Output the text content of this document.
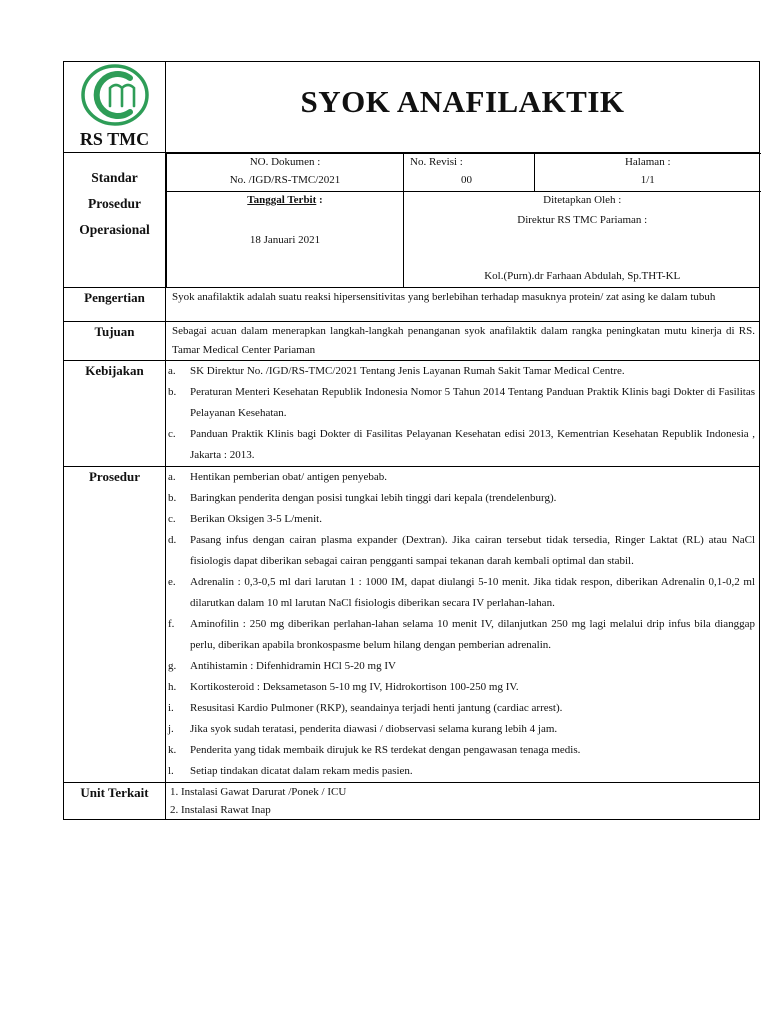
RS TMC

SYOK ANAFILAKTIK

Standar
Prosedur
Operasional

NO. Dokumen :
No. /IGD/RS-TMC/2021

No. Revisi :
00

Halaman :
1/1

Tanggal Terbit :
18 Januari 2021

Ditetapkan Oleh :
Direktur RS TMC Pariaman :
Kol.(Purn).dr Farhaan Abdulah, Sp.THT-KL

Pengertian	Syok anafilaktik adalah suatu reaksi hipersensitivitas yang berlebihan terhadap masuknya protein/ zat asing ke dalam tubuh
Tujuan	Sebagai acuan dalam menerapkan langkah-langkah penanganan syok anafilaktik dalam rangka peningkatan mutu kinerja di RS. Tamar Medical Center Pariaman
Kebijakan	a. SK Direktur No. /IGD/RS-TMC/2021 Tentang Jenis Layanan Rumah Sakit Tamar Medical Centre.
b. Peraturan Menteri Kesehatan Republik Indonesia Nomor 5 Tahun 2014 Tentang Panduan Praktik Klinis bagi Dokter di Fasilitas Pelayanan Kesehatan.
c. Panduan Praktik Klinis bagi Dokter di Fasilitas Pelayanan Kesehatan edisi 2013, Kementrian Kesehatan Republik Indonesia , Jakarta : 2013.

Prosedur	a. Hentikan pemberian obat/ antigen penyebab.
b. Baringkan penderita dengan posisi tungkai lebih tinggi dari kepala (trendelenburg).
c. Berikan Oksigen 3-5 L/menit.
d. Pasang infus dengan cairan plasma expander (Dextran). Jika cairan tersebut tidak tersedia, Ringer Laktat (RL) atau NaCl fisiologis dapat diberikan sebagai cairan pengganti sampai tekanan darah kembali optimal dan stabil.
e. Adrenalin : 0,3-0,5 ml dari larutan 1 : 1000 IM, dapat diulangi 5-10 menit. Jika tidak respon, diberikan Adrenalin 0,1-0,2 ml dilarutkan dalam 10 ml larutan NaCl fisiologis diberikan secara IV perlahan-lahan.
f. Aminofilin : 250 mg diberikan perlahan-lahan selama 10 menit IV, dilanjutkan 250 mg lagi melalui drip infus bila dianggap perlu, diberikan apabila bronkospasme belum hilang dengan pemberian adrenalin.
g. Antihistamin : Difenhidramin HCl 5-20 mg IV
h. Kortikosteroid : Deksametason 5-10 mg IV, Hidrokortison 100-250 mg IV.
i. Resusitasi Kardio Pulmoner (RKP), seandainya terjadi henti jantung (cardiac arrest).
j. Jika syok sudah teratasi, penderita diawasi / diobservasi selama kurang lebih 4 jam.
k. Penderita yang tidak membaik dirujuk ke RS terdekat dengan pengawasan tenaga medis.
l. Setiap tindakan dicatat dalam rekam medis pasien.

Unit Terkait	1. Instalasi Gawat Darurat /Ponek / ICU
2. Instalasi Rawat Inap
